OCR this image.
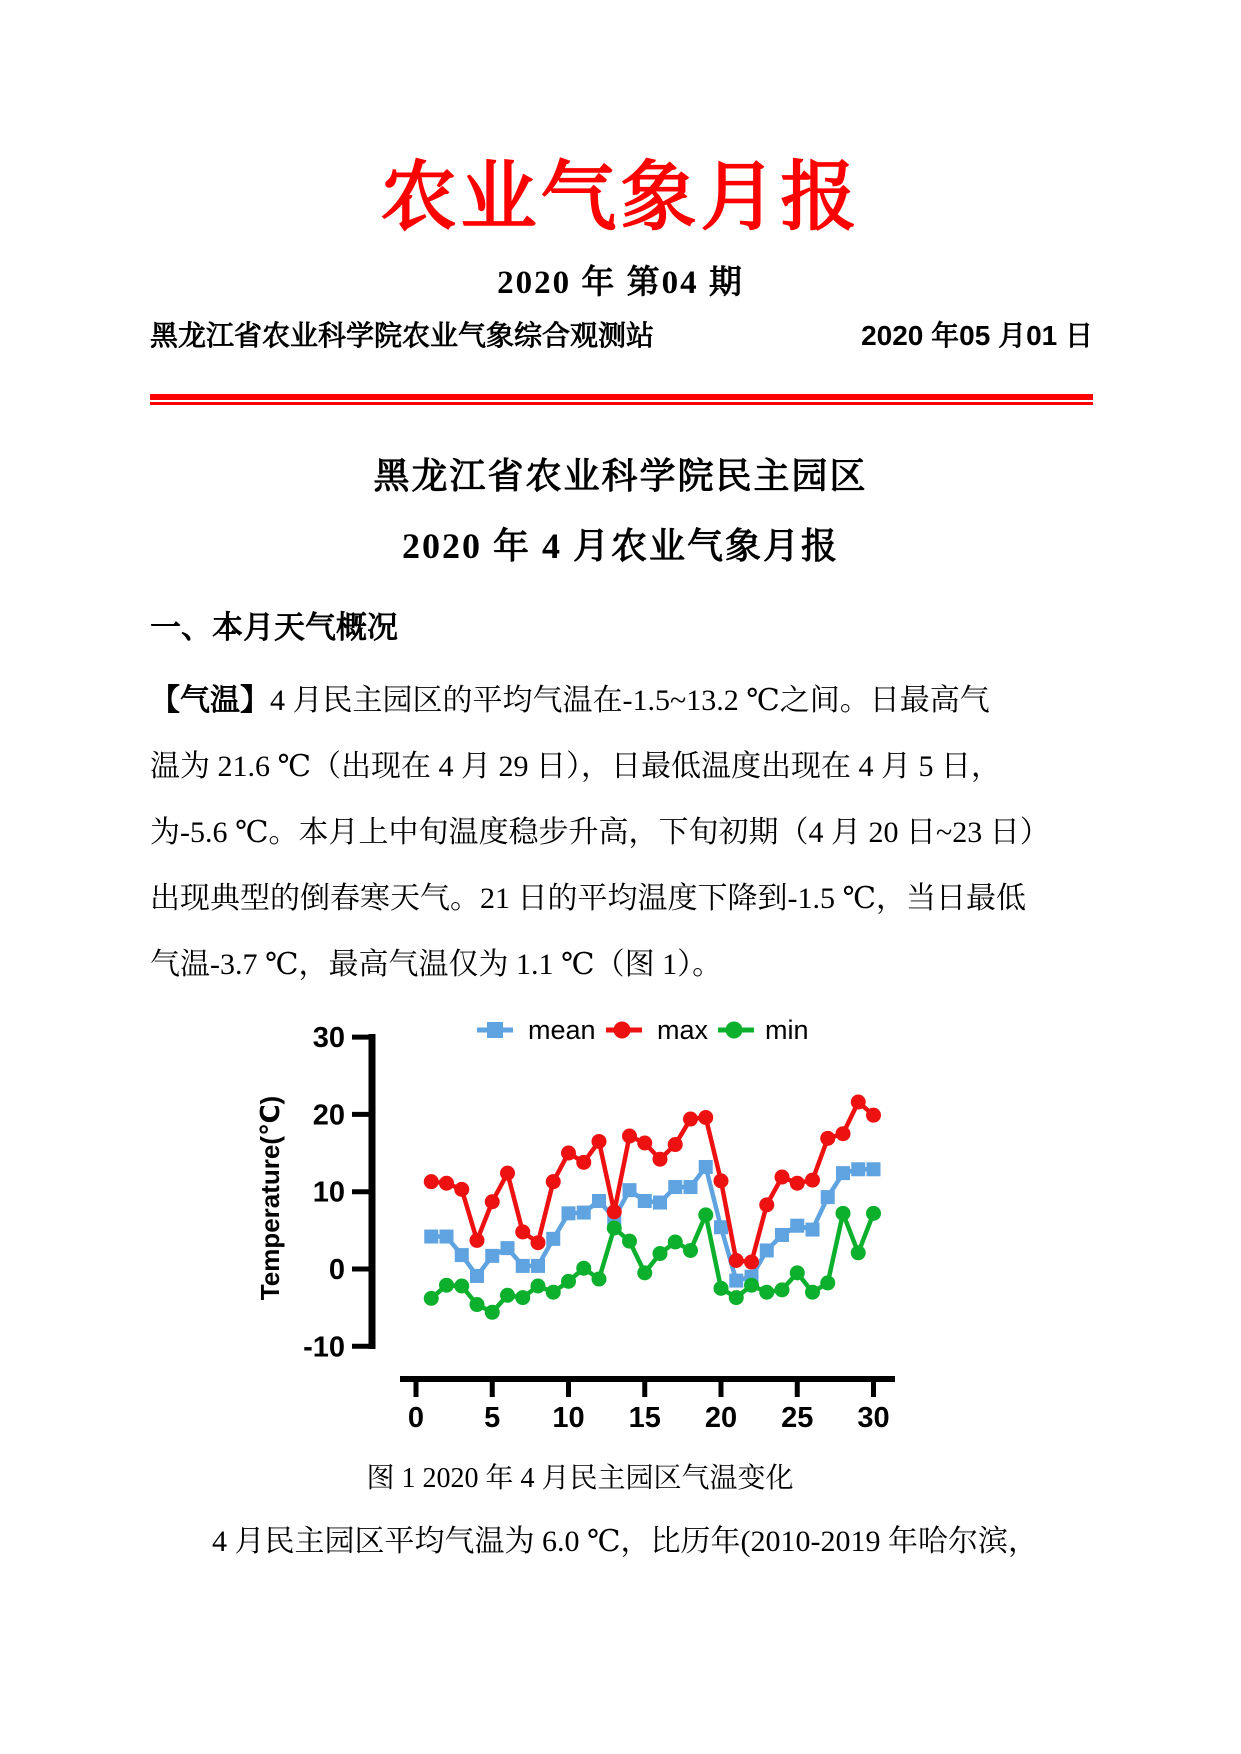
农业气象月报
2020 年 第04 期
黑龙江省农业科学院农业气象综合观测站	2020 年05 月01 日
黑龙江省农业科学院民主园区
2020 年 4 月农业气象月报
一、本月天气概况
【气温】4 月民主园区的平均气温在-1.5~13.2 ℃之间。日最高气
温为 21.6 ℃（出现在 4 月 29 日），日最低温度出现在 4 月 5 日，
为-5.6 ℃。本月上中旬温度稳步升高，下旬初期（4 月 20 日~23 日）
出现典型的倒春寒天气。21 日的平均温度下降到-1.5 ℃，当日最低
气温-3.7 ℃，最高气温仅为 1.1 ℃（图 1）。
30
20
10
0
-10
0 5 10 15 20 25 30
Temperature(℃)
mean max min
图 1 2020 年 4 月民主园区气温变化
4 月民主园区平均气温为 6.0 ℃，比历年(2010-2019 年哈尔滨，
